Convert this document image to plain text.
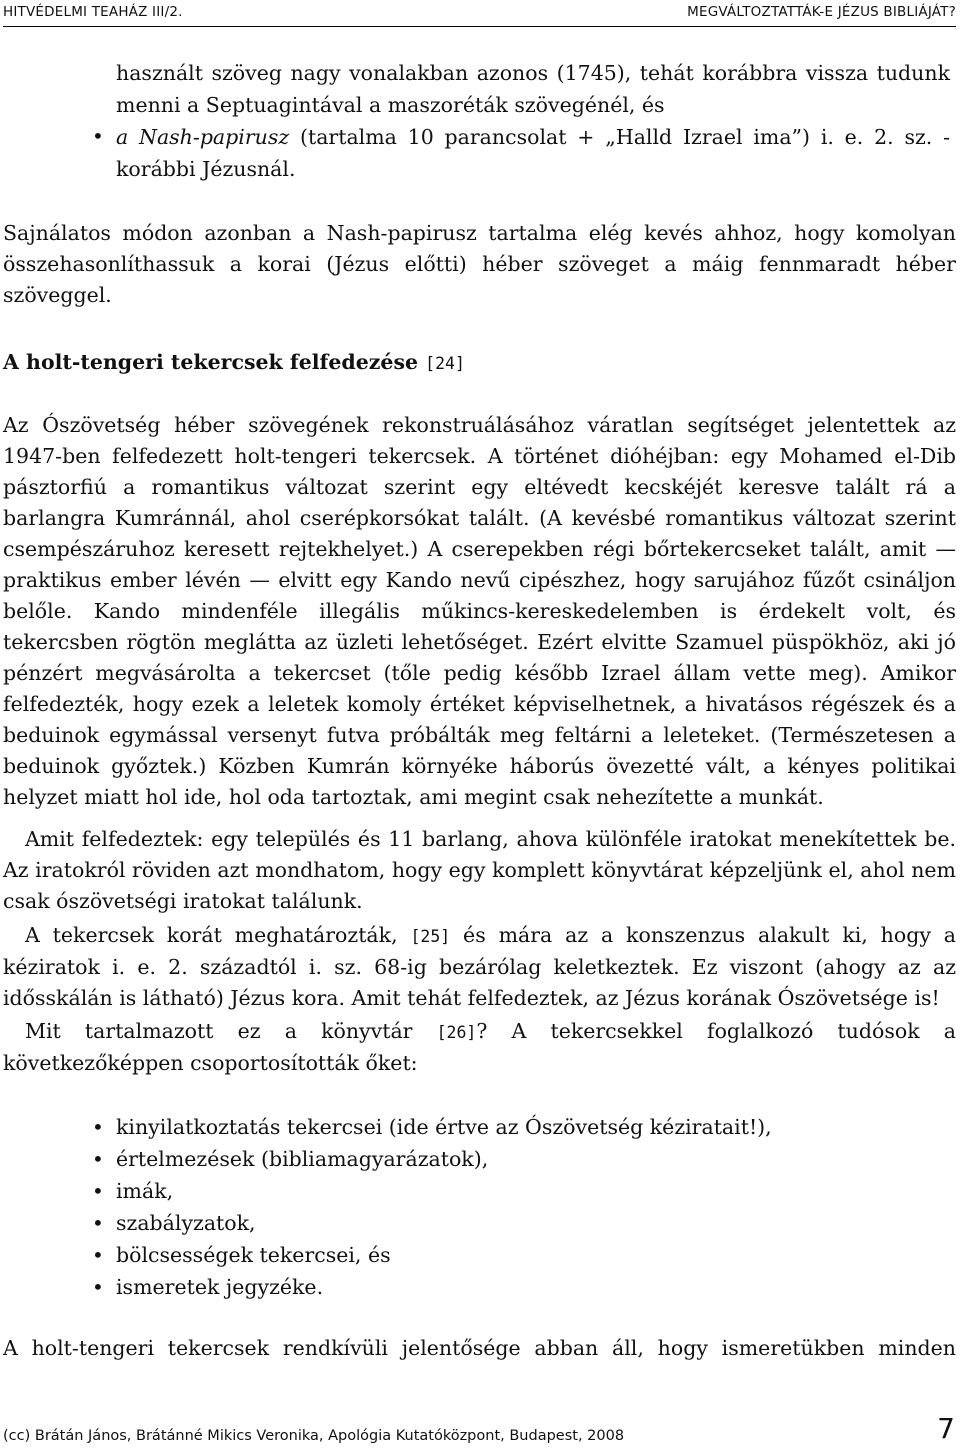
HITVÉDELMI TEAHÁZ III/2.	MEGVÁLTOZTATTÁK-E JÉZUS BIBLIÁJÁT?
használt szöveg nagy vonalakban azonos (1745), tehát korábbra vissza tudunk menni a Septuagintával a maszoréták szövegénél, és
• a Nash-papirusz (tartalma 10 parancsolat + „Halld Izrael ima”) i. e. 2. sz. - korábbi Jézusnál.
Sajnálatos módon azonban a Nash-papirusz tartalma elég kevés ahhoz, hogy komolyan összehasonlíthassuk a korai (Jézus előtti) héber szöveget a máig fennmaradt héber szöveggel.
A holt-tengeri tekercsek felfedezése [24]
Az Ószövetség héber szövegének rekonstruálásához váratlan segítséget jelentettek az 1947-ben felfedezett holt-tengeri tekercsek. A történet dióhéjban: egy Mohamed el-Dib pásztorfiú a romantikus változat szerint egy eltévedt kecskéjét keresve talált rá a barlangra Kumránnál, ahol cserépkorsókat talált. (A kevésbé romantikus változat szerint csempészáruhoz keresett rejtekhelyet.) A cserepekben régi bőrtekercseket talált, amit — praktikus ember lévén — elvitt egy Kando nevű cipészhez, hogy sarujához fűzőt csináljon belőle. Kando mindenféle illegális műkincs-kereskedelemben is érdekelt volt, és tekercsben rögtön meglátta az üzleti lehetőséget. Ezért elvitte Szamuel püspökhöz, aki jó pénzért megvásárolta a tekercset (tőle pedig később Izrael állam vette meg). Amikor felfedezték, hogy ezek a leletek komoly értéket képviselhetnek, a hivatásos régészek és a beduinok egymással versenyt futva próbálták meg feltárni a leleteket. (Természetesen a beduinok győztek.) Közben Kumrán környéke háborús övezetté vált, a kényes politikai helyzet miatt hol ide, hol oda tartoztak, ami megint csak nehezítette a munkát.
Amit felfedeztek: egy település és 11 barlang, ahova különféle iratokat menekítettek be. Az iratokról röviden azt mondhatom, hogy egy komplett könyvtárat képzeljünk el, ahol nem csak ószövetségi iratokat találunk.
A tekercsek korát meghatározták, [25] és mára az a konszenzus alakult ki, hogy a kéziratok i. e. 2. századtól i. sz. 68-ig bezárólag keletkeztek. Ez viszont (ahogy az az idősskálán is látható) Jézus kora. Amit tehát felfedeztek, az Jézus korának Ószövetsége is!
Mit tartalmazott ez a könyvtár [26]? A tekercsekkel foglalkozó tudósok a következőképpen csoportosították őket:
• kinyilatkoztatás tekercsei (ide értve az Ószövetség kéziratait!),
• értelmezések (bibliamagyarázatok),
• imák,
• szabályzatok,
• bölcsességek tekercsei, és
• ismeretek jegyzéke.
A holt-tengeri tekercsek rendkívüli jelentősége abban áll, hogy ismeretükben minden
(cc) Brátán János, Brátánné Mikics Veronika, Apológia Kutatóközpont, Budapest, 2008	7
